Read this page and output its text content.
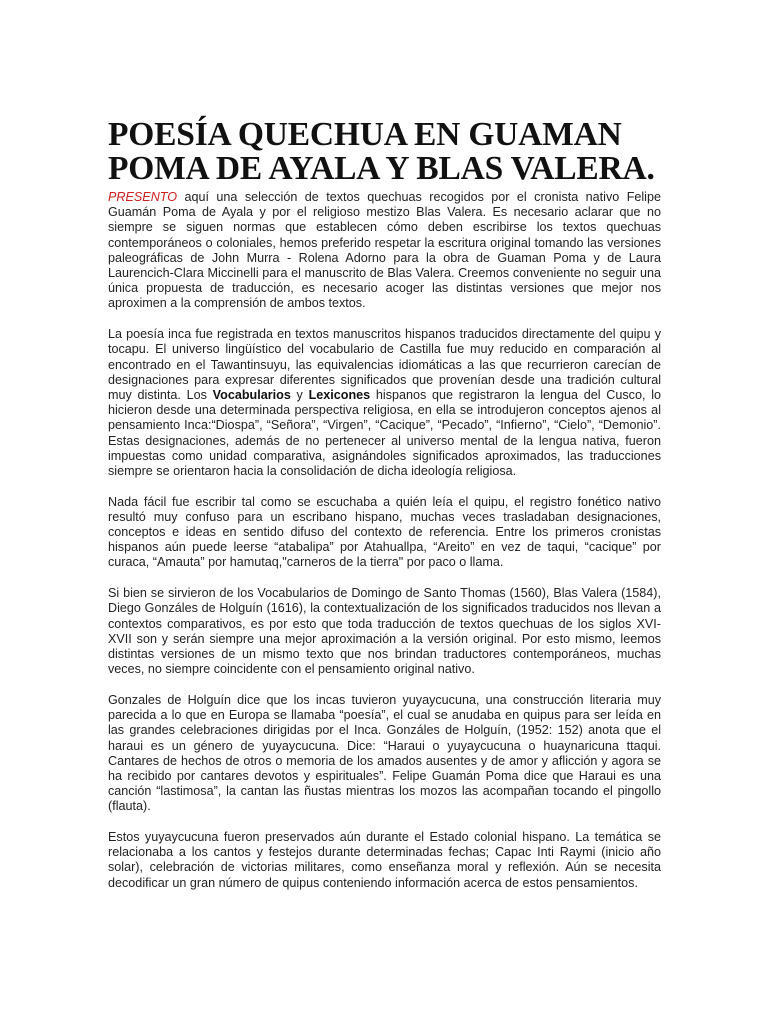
POESÍA QUECHUA EN GUAMAN
POMA DE AYALA Y BLAS VALERA.

PRESENTO aquí una selección de textos quechuas recogidos por el cronista nativo Felipe Guamán Poma de Ayala y por el religioso mestizo Blas Valera. Es necesario aclarar que no siempre se siguen normas que establecen cómo deben escribirse los textos quechuas contemporáneos o coloniales, hemos preferido respetar la escritura original tomando las versiones paleográficas de John Murra - Rolena Adorno para la obra de Guaman Poma y de Laura Laurencich-Clara Miccinelli para el manuscrito de Blas Valera. Creemos conveniente no seguir una única propuesta de traducción, es necesario acoger las distintas versiones que mejor nos aproximen a la comprensión de ambos textos.

La poesía inca fue registrada en textos manuscritos hispanos traducidos directamente del quipu y tocapu. El universo lingüístico del vocabulario de Castilla fue muy reducido en comparación al encontrado en el Tawantinsuyu, las equivalencias idiomáticas a las que recurrieron carecían de designaciones para expresar diferentes significados que provenían desde una tradición cultural muy distinta. Los Vocabularios y Lexicones hispanos que registraron la lengua del Cusco, lo hicieron desde una determinada perspectiva religiosa, en ella se introdujeron conceptos ajenos al pensamiento Inca:“Diospa”, “Señora”, “Virgen”, “Cacique”, “Pecado”, “Infierno”, “Cielo”, “Demonio”. Estas designaciones, además de no pertenecer al universo mental de la lengua nativa, fueron impuestas como unidad comparativa, asignándoles significados aproximados, las traducciones siempre se orientaron hacia la consolidación de dicha ideología religiosa.

Nada fácil fue escribir tal como se escuchaba a quién leía el quipu, el registro fonético nativo resultó muy confuso para un escribano hispano, muchas veces trasladaban designaciones, conceptos e ideas en sentido difuso del contexto de referencia. Entre los primeros cronistas hispanos aún puede leerse “atabalipa” por Atahuallpa, “Areito” en vez de taqui, “cacique” por curaca, “Amauta” por hamutaq,"carneros de la tierra" por paco o llama.

Si bien se sirvieron de los Vocabularios de Domingo de Santo Thomas (1560), Blas Valera (1584), Diego Gonzáles de Holguín (1616), la contextualización de los significados traducidos nos llevan a contextos comparativos, es por esto que toda traducción de textos quechuas de los siglos XVI-XVII son y serán siempre una mejor aproximación a la versión original. Por esto mismo, leemos distintas versiones de un mismo texto que nos brindan traductores contemporáneos, muchas veces, no siempre coincidente con el pensamiento original nativo.

Gonzales de Holguín dice que los incas tuvieron yuyaycucuna, una construcción literaria muy parecida a lo que en Europa se llamaba “poesía”, el cual se anudaba en quipus para ser leída en las grandes celebraciones dirigidas por el Inca. Gonzáles de Holguín, (1952: 152) anota que el haraui es un género de yuyaycucuna. Dice: “Haraui o yuyaycucuna o huaynaricuna ttaqui. Cantares de hechos de otros o memoria de los amados ausentes y de amor y aflicción y agora se ha recibido por cantares devotos y espirituales”. Felipe Guamán Poma dice que Haraui es una canción “lastimosa”, la cantan las ñustas mientras los mozos las acompañan tocando el pingollo (flauta).

Estos yuyaycucuna fueron preservados aún durante el Estado colonial hispano. La temática se relacionaba a los cantos y festejos durante determinadas fechas; Capac Inti Raymi (inicio año solar), celebración de victorias militares, como enseñanza moral y reflexión. Aún se necesita decodificar un gran número de quipus conteniendo información acerca de estos pensamientos.
